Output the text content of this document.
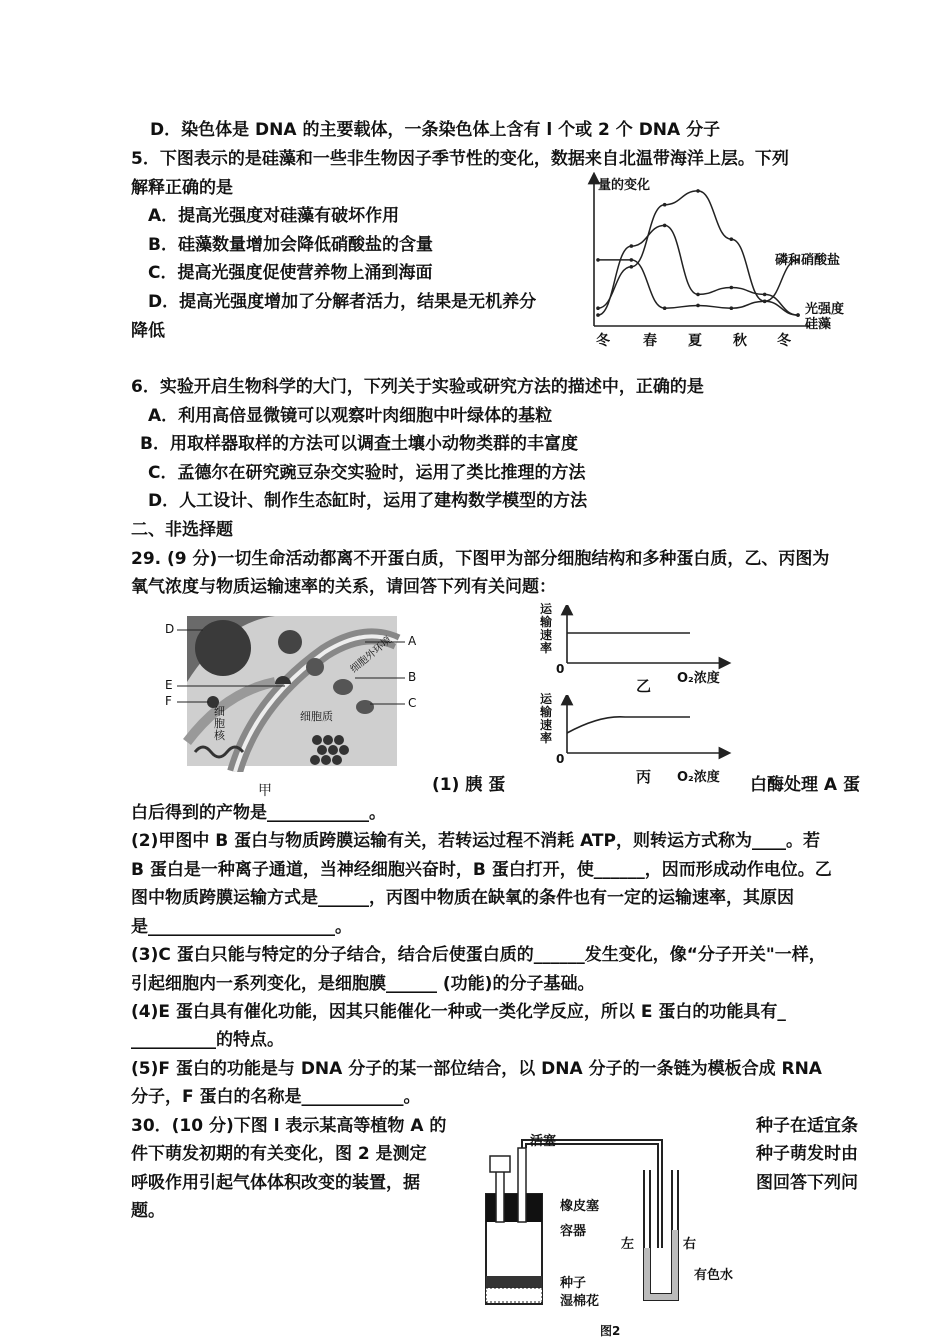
D．染色体是 DNA 的主要载体，一条染色体上含有 l 个或 2 个 DNA 分子
5．下图表示的是硅藻和一些非生物因子季节性的变化，数据来自北温带海洋上层。下列
解释正确的是
A．提高光强度对硅藻有破坏作用
B．硅藻数量增加会降低硝酸盐的含量
C．提高光强度促使营养物上涌到海面
D．提高光强度增加了分解者活力，结果是无机养分
降低
量的变化
冬 春 夏 秋 冬
磷和硝酸盐
光强度
硅藻
6．实验开启生物科学的大门，下列关于实验或研究方法的描述中，正确的是
A．利用高倍显微镜可以观察叶肉细胞中叶绿体的基粒
B．用取样器取样的方法可以调查土壤小动物类群的丰富度
C．孟德尔在研究豌豆杂交实验时，运用了类比推理的方法
D．人工设计、制作生态缸时，运用了建构数学模型的方法
二、非选择题
29. (9 分)一切生命活动都离不开蛋白质，下图甲为部分细胞结构和多种蛋白质，乙、丙图为
氧气浓度与物质运输速率的关系，请回答下列有关问题：
D
E
F
A
B
C
细胞外环境
细胞质
细胞核
甲
运输速率
0
O₂浓度
乙
运输速率
0
O₂浓度
丙
(1) 胰 蛋	白酶处理 A 蛋
白后得到的产物是____________。
(2)甲图中 B 蛋白与物质跨膜运输有关，若转运过程不消耗 ATP，则转运方式称为____。若
B 蛋白是一种离子通道，当神经细胞兴奋时，B 蛋白打开，使______，因而形成动作电位。乙
图中物质跨膜运输方式是______，丙图中物质在缺氧的条件也有一定的运输速率，其原因
是______________________。
(3)C 蛋白只能与特定的分子结合，结合后使蛋白质的______发生变化，像“分子开关"一样，
引起细胞内一系列变化，是细胞膜______ (功能)的分子基础。
(4)E 蛋白具有催化功能，因其只能催化一种或一类化学反应，所以 E 蛋白的功能具有_
__________的特点。
(5)F 蛋白的功能是与 DNA 分子的某一部位结合，以 DNA 分子的一条链为模板合成 RNA
分子，F 蛋白的名称是____________。
30．(10 分)下图 l 表示某高等植物 A 的	种子在适宜条
件下萌发初期的有关变化，图 2 是测定	种子萌发时由
呼吸作用引起气体体积改变的装置，据	图回答下列问
题。
活塞
橡皮塞
容器
左	右
有色水
种子
湿棉花
图2
